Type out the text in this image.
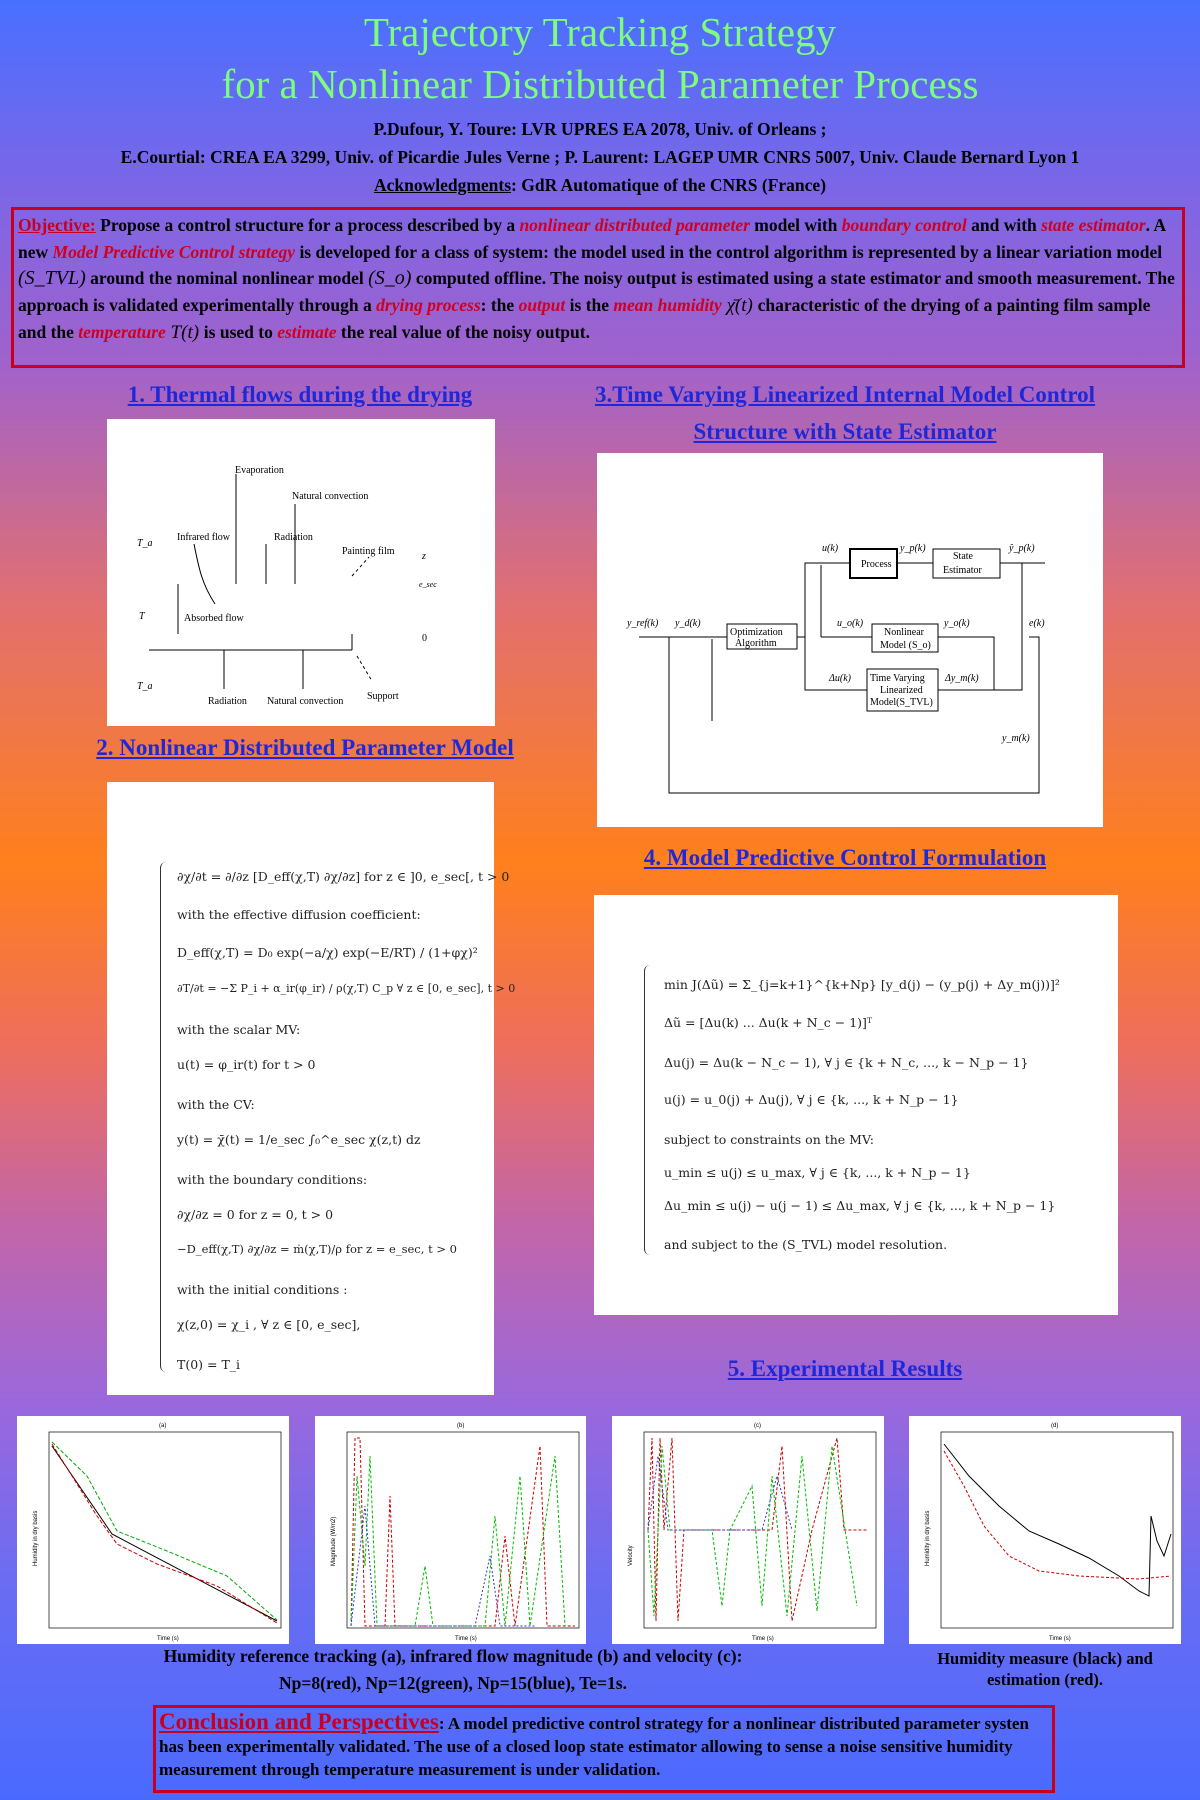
Trajectory Tracking Strategy
for a Nonlinear Distributed Parameter Process
P.Dufour, Y. Toure: LVR UPRES EA 2078, Univ. of Orleans ;
E.Courtial: CREA EA 3299, Univ. of Picardie Jules Verne ; P. Laurent: LAGEP UMR CNRS 5007, Univ. Claude Bernard Lyon 1
Acknowledgments: GdR Automatique of the CNRS (France)
Objective: Propose a control structure for a process described by a nonlinear distributed parameter model with boundary control and with state estimator. A new Model Predictive Control strategy is developed for a class of system: the model used in the control algorithm is represented by a linear variation model (S_TVL) around the nominal nonlinear model (S_o) computed offline. The noisy output is estimated using a state estimator and smooth measurement. The approach is validated experimentally through a drying process: the output is the mean humidity χ̄(t) characteristic of the drying of a painting film sample and the temperature T(t) is used to estimate the real value of the noisy output.
1. Thermal flows during the drying	3.Time Varying Linearized Internal Model Control
Structure with State Estimator
2. Nonlinear Distributed Parameter Model
4. Model Predictive Control Formulation
5. Experimental Results
Evaporation
Natural convection
Infrared flow	Radiation
Painting film
Absorbed flow
Radiation Natural convection Support
T_a
T
T_a
z
e_sec
0
Process
State
Estimator
Optimization
Algorithm
Nonlinear
Model (S_o)
Time Varying
Linearized
Model(S_TVL)
y_ref(k) y_d(k)
u(k)	y_p(k)	ŷ_p(k)
u_o(k)	y_o(k)	e(k)
Δu(k)	Δy_m(k)
y_m(k)
∂χ/∂t = ∂/∂z [D_eff(χ,T) ∂χ/∂z] for z ∈ ]0, e_sec[, t > 0
with the effective diffusion coefficient:
D_eff(χ,T) = D₀ exp(−a/χ) exp(−E/RT) / (1+φχ)²
∂T/∂t = −Σ P_i + α_ir(φ_ir) / ρ(χ,T) C_p ∀ z ∈ [0, e_sec], t > 0
with the scalar MV:
u(t) = φ_ir(t) for t > 0
with the CV:
y(t) = χ̄(t) = 1/e_sec ∫₀^e_sec χ(z,t) dz
with the boundary conditions:
∂χ/∂z = 0 for z = 0, t > 0
−D_eff(χ,T) ∂χ/∂z = ṁ(χ,T)/ρ for z = e_sec, t > 0
with the initial conditions :
χ(z,0) = χ_i , ∀ z ∈ [0, e_sec],
T(0) = T_i
min J(Δũ) = Σ_{j=k+1}^{k+Np} [y_d(j) − (y_p(j) + Δy_m(j))]²
Δũ = [Δu(k) ... Δu(k + N_c − 1)]ᵀ
Δu(j) = Δu(k − N_c − 1), ∀ j ∈ {k + N_c, ..., k − N_p − 1}
u(j) = u_0(j) + Δu(j), ∀ j ∈ {k, ..., k + N_p − 1}
subject to constraints on the MV:
u_min ≤ u(j) ≤ u_max, ∀ j ∈ {k, ..., k + N_p − 1}
Δu_min ≤ u(j) − u(j − 1) ≤ Δu_max, ∀ j ∈ {k, ..., k + N_p − 1}
and subject to the (S_TVL) model resolution.
(a)
Time (s)
Humidity in dry basis
(b)
Time (s)
Magnitude (W/m2)
(c)
Time (s)
Velocity
(d)
Time (s)
Humidity in dry basis
Humidity reference tracking (a), infrared flow magnitude (b) and velocity (c):
Np=8(red), Np=12(green), Np=15(blue), Te=1s.
Humidity measure (black) and
estimation (red).
Conclusion and Perspectives: A model predictive control strategy for a nonlinear distributed parameter systen has been experimentally validated. The use of a closed loop state estimator allowing to sense a noise sensitive humidity measurement through temperature measurement is under validation.
